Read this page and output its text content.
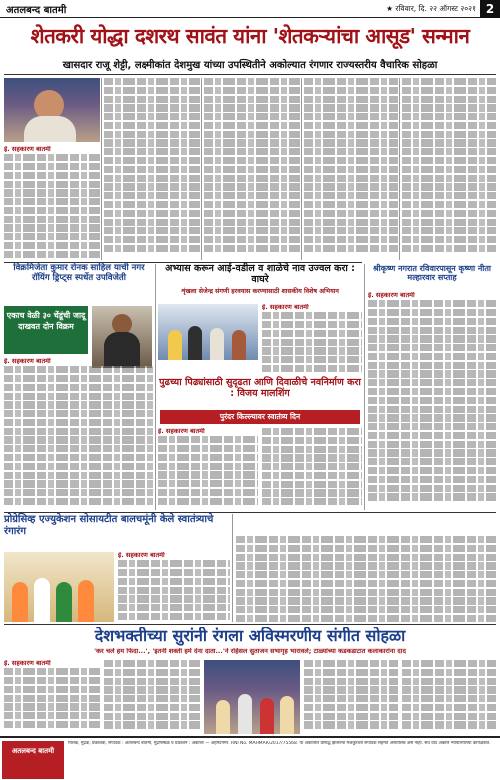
अतलबन्द बातमी	★ रविवार, दि. २२ ऑगस्ट २०२१ 2
शेतकरी योद्धा दशरथ सावंत यांना 'शेतकऱ्यांचा आसूड' सन्मान
खासदार राजू शेट्टी, लक्ष्मीकांत देशमुख यांच्या उपस्थितीने अकोल्यात रंगणार राज्यस्तरीय वैचारिक सोहळा
ई. सहकारण बातमी
विक्रमिजेता कुमार रोनक साहिल याची नगर रॉयिंग ड्रिप्ट्स स्पर्धेत उपविजेती
एकाच वेळी ३० चेंडूंची जादू दाखवत दोन विक्रम
ई. सहकारण बातमी
अभ्यास करून आई-वडील व शाळेचे नाव उज्वल करा : वाघरे
शृंखला सेजेन्द्र संगणी हरवयास करण्यासाठी शासकीय विशेष अभियान
ई. सहकारण बातमी
पुढच्या पिढ्यांसाठी सुदृढता आणि दिवाळीचे नवनिर्माण करा : विजय मालशिंग
पुरंदर किल्ल्यावर स्वातंत्र्य दिन
ई. सहकारण बातमी
श्रीकृष्ण नगरात रविवारपासून कृष्णा नीता मल्हारवार सप्ताह
ई. सहकारण बातमी
प्रोग्रेसिव्ह एज्युकेशन सोसायटीत बालचमूंनी केले स्वातंत्र्याचे रंगारंग
ई. सहकारण बातमी
देशभक्तीच्या सुरांनी रंगला अविस्मरणीय संगीत सोहळा
'कर चले हम फिदा...', 'इतनी शक्ती हमें देना दाता...'ने रहिसल सुताजन सभागृह भारावले; टाळ्यांच्या कडकडाटात कलाकारांना दाद
ई. सहकारण बातमी
अतलबन्द बातमी
मालक, मुद्रक, प्रकाशक, संपादक : अतलबन्द बातमी, मुद्रणस्थळ व प्रकाशन : अकोला — अहमदनगर. RNI No. MAHMAR/2017/75568. या अंकातील प्रसिद्ध झालेल्या मजकुराशी संपादक सहमत असतीलच असे नाही. सर्व वाद अकोले न्यायालयाच्या कार्यक्षेत्रात.
